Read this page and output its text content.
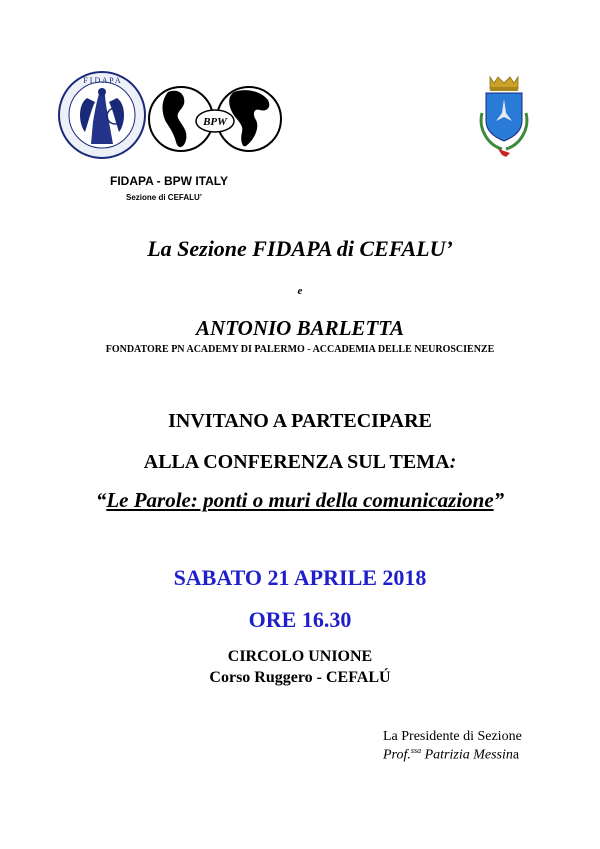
F I D A P A
BPW
FIDAPA - BPW ITALY
Sezione di CEFALU’
La Sezione FIDAPA di CEFALU’
e
ANTONIO BARLETTA
FONDATORE PN ACADEMY DI PALERMO - ACCADEMIA DELLE NEUROSCIENZE
INVITANO A PARTECIPARE
ALLA CONFERENZA SUL TEMA:
“Le Parole: ponti o muri della comunicazione”
SABATO 21 APRILE 2018
ORE 16.30
CIRCOLO UNIONE
Corso Ruggero - CEFALÚ
La Presidente di Sezione
Prof.$^{ssa}$ Patrizia Messina
